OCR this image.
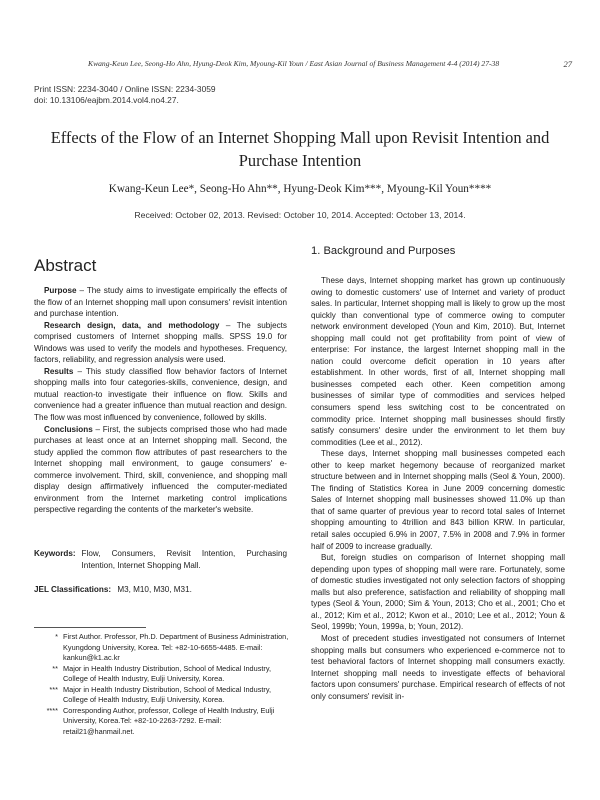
Kwang-Keun Lee, Seong-Ho Ahn, Hyung-Deok Kim, Myoung-Kil Youn / East Asian Journal of Business Management 4-4 (2014) 27-38	27
Print ISSN: 2234-3040 / Online ISSN: 2234-3059
doi: 10.13106/eajbm.2014.vol4.no4.27.
Effects of the Flow of an Internet Shopping Mall upon Revisit Intention and
Purchase Intention
Kwang-Keun Lee*, Seong-Ho Ahn**, Hyung-Deok Kim***, Myoung-Kil Youn****
Received: October 02, 2013. Revised: October 10, 2014. Accepted: October 13, 2014.
Abstract

Purpose – The study aims to investigate empirically the effects of the flow of an Internet shopping mall upon consumers' revisit intention and purchase intention.

Research design, data, and methodology – The subjects comprised customers of Internet shopping malls. SPSS 19.0 for Windows was used to verify the models and hypotheses. Frequency, factors, reliability, and regression analysis were used.

Results – This study classified flow behavior factors of Internet shopping malls into four categories-skills, convenience, design, and mutual reaction-to investigate their influence on flow. Skills and convenience had a greater influence than mutual reaction and design. The flow was most influenced by convenience, followed by skills.

Conclusions – First, the subjects comprised those who had made purchases at least once at an Internet shopping mall. Second, the study applied the common flow attributes of past researchers to the Internet shopping mall environment, to gauge consumers' e-commerce involvement. Third, skill, convenience, and shopping mall display design affirmatively influenced the computer-mediated environment from the Internet marketing control implications perspective regarding the contents of the marketer's website.

Keywords: Flow, Consumers, Revisit Intention, Purchasing Intention, Internet Shopping Mall.
JEL Classifications: M3, M10, M30, M31.
* First Author. Professor, Ph.D. Department of Business Administration, Kyungdong University, Korea. Tel: +82-10-6655-4485. E-mail: kankun@k1.ac.kr
** Major in Health Industry Distribution, School of Medical Industry, College of Health Industry, Eulji University, Korea.
*** Major in Health Industry Distribution, School of Medical Industry, College of Health Industry, Eulji University, Korea.
**** Corresponding Author, professor, College of Health Industry, Eulji University, Korea.Tel: +82-10-2263-7292. E-mail: retail21@hanmail.net.
1. Background and Purposes

These days, Internet shopping market has grown up continuously owing to domestic customers' use of Internet and variety of product sales. In particular, Internet shopping mall is likely to grow up the most quickly than conventional type of commerce owing to computer network environment developed (Youn and Kim, 2010). But, Internet shopping mall could not get profitability from point of view of enterprise: For instance, the largest Internet shopping mall in the nation could overcome deficit operation in 10 years after establishment. In other words, first of all, Internet shopping mall businesses competed each other. Keen competition among businesses of similar type of commodities and services helped consumers spend less switching cost to be concentrated on commodity price. Internet shopping mall businesses should firstly satisfy consumers' desire under the environment to let them buy commodities (Lee et al., 2012).

These days, Internet shopping mall businesses competed each other to keep market hegemony because of reorganized market structure between and in Internet shopping malls (Seol & Youn, 2000). The finding of Statistics Korea in June 2009 concerning domestic Sales of Internet shopping mall businesses showed 11.0% up than that of same quarter of previous year to record total sales of Internet shopping amounting to 4trillion and 843 billion KRW. In particular, retail sales occupied 6.9% in 2007, 7.5% in 2008 and 7.9% in former half of 2009 to increase gradually.

But, foreign studies on comparison of Internet shopping mall depending upon types of shopping mall were rare. Fortunately, some of domestic studies investigated not only selection factors of shopping malls but also preference, satisfaction and reliability of shopping mall types (Seol & Youn, 2000; Sim & Youn, 2013; Cho et al., 2001; Cho et al., 2012; Kim et al., 2012; Kwon et al., 2010; Lee et al., 2012; Youn & Seol, 1999b; Youn, 1999a, b; Youn, 2012).

Most of precedent studies investigated not consumers of Internet shopping malls but consumers who experienced e-commerce not to test behavioral factors of Internet shopping mall consumers exactly. Internet shopping mall needs to investigate effects of behavioral factors upon consumers' purchase. Empirical research of effects of not only consumers' revisit in-
